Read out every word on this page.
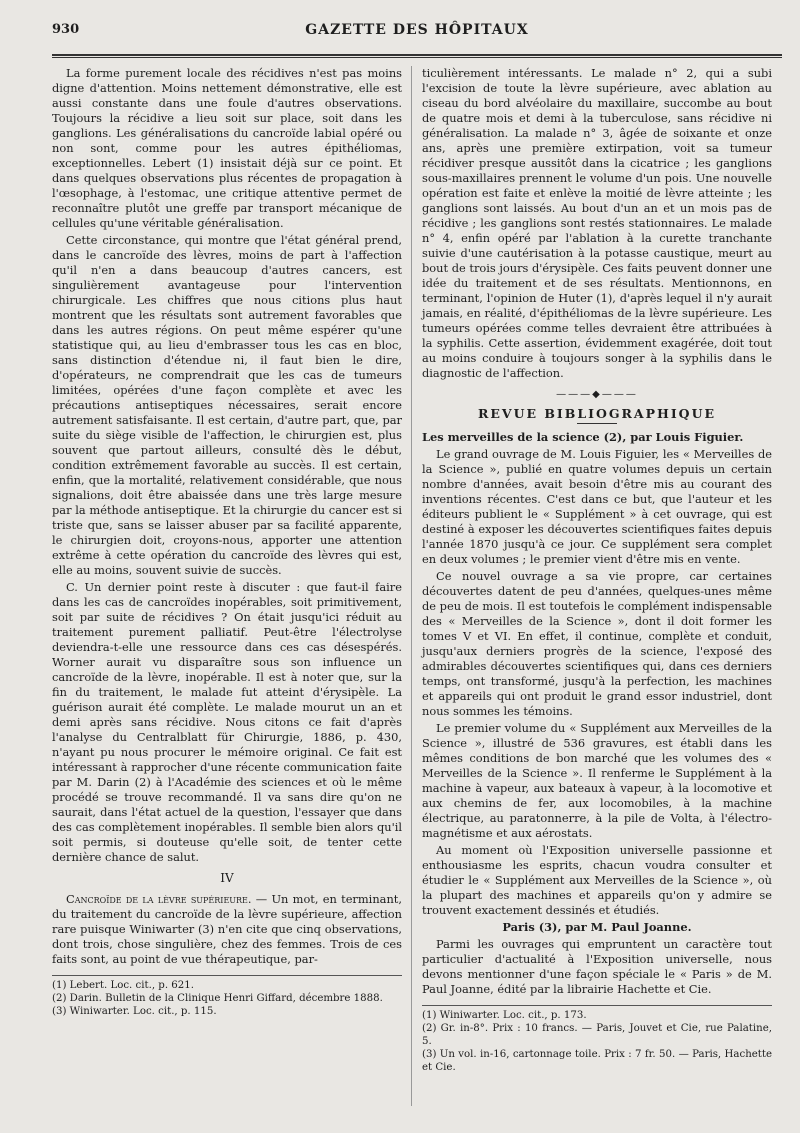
930	GAZETTE DES HÔPITAUX

La forme purement locale des récidives n'est pas moins digne d'attention. Moins nettement démonstrative, elle est aussi constante dans une foule d'autres observations. Toujours la récidive a lieu soit sur place, soit dans les ganglions. Les généralisations du cancroïde labial opéré ou non sont, comme pour les autres épithéliomas, exceptionnelles. Lebert (1) insistait déjà sur ce point. Et dans quelques observations plus récentes de propagation à l'œsophage, à l'estomac, une critique attentive permet de reconnaître plutôt une greffe par transport mécanique de cellules qu'une véritable généralisation.

Cette circonstance, qui montre que l'état général prend, dans le cancroïde des lèvres, moins de part à l'affection qu'il n'en a dans beaucoup d'autres cancers, est singulièrement avantageuse pour l'intervention chirurgicale. Les chiffres que nous citions plus haut montrent que les résultats sont autrement favorables que dans les autres régions. On peut même espérer qu'une statistique qui, au lieu d'embrasser tous les cas en bloc, sans distinction d'étendue ni, il faut bien le dire, d'opérateurs, ne comprendrait que les cas de tumeurs limitées, opérées d'une façon complète et avec les précautions antiseptiques nécessaires, serait encore autrement satisfaisante. Il est certain, d'autre part, que, par suite du siège visible de l'affection, le chirurgien est, plus souvent que partout ailleurs, consulté dès le début, condition extrêmement favorable au succès. Il est certain, enfin, que la mortalité, relativement considérable, que nous signalions, doit être abaissée dans une très large mesure par la méthode antiseptique. Et la chirurgie du cancer est si triste que, sans se laisser abuser par sa facilité apparente, le chirurgien doit, croyons-nous, apporter une attention extrême à cette opération du cancroïde des lèvres qui est, elle au moins, souvent suivie de succès.

C. Un dernier point reste à discuter : que faut-il faire dans les cas de cancroïdes inopérables, soit primitivement, soit par suite de récidives ? On était jusqu'ici réduit au traitement purement palliatif. Peut-être l'électrolyse deviendra-t-elle une ressource dans ces cas désespérés. Worner aurait vu disparaître sous son influence un cancroïde de la lèvre, inopérable. Il est à noter que, sur la fin du traitement, le malade fut atteint d'érysipèle. La guérison aurait été complète. Le malade mourut un an et demi après sans récidive. Nous citons ce fait d'après l'analyse du Centralblatt für Chirurgie, 1886, p. 430, n'ayant pu nous procurer le mémoire original. Ce fait est intéressant à rapprocher d'une récente communication faite par M. Darin (2) à l'Académie des sciences et où le même procédé se trouve recommandé. Il va sans dire qu'on ne saurait, dans l'état actuel de la question, l'essayer que dans des cas complètement inopérables. Il semble bien alors qu'il soit permis, si douteuse qu'elle soit, de tenter cette dernière chance de salut.

IV

Cancroïde de la lèvre supérieure. — Un mot, en terminant, du traitement du cancroïde de la lèvre supérieure, affection rare puisque Winiwarter (3) n'en cite que cinq observations, dont trois, chose singulière, chez des femmes. Trois de ces faits sont, au point de vue thérapeutique, par-

(1) Lebert. Loc. cit., p. 621.
(2) Darin. Bulletin de la Clinique Henri Giffard, décembre 1888.
(3) Winiwarter. Loc. cit., p. 115.

ticulièrement intéressants. Le malade n° 2, qui a subi l'excision de toute la lèvre supérieure, avec ablation au ciseau du bord alvéolaire du maxillaire, succombe au bout de quatre mois et demi à la tuberculose, sans récidive ni généralisation. La malade n° 3, âgée de soixante et onze ans, après une première extirpation, voit sa tumeur récidiver presque aussitôt dans la cicatrice ; les ganglions sous-maxillaires prennent le volume d'un pois. Une nouvelle opération est faite et enlève la moitié de lèvre atteinte ; les ganglions sont laissés. Au bout d'un an et un mois pas de récidive ; les ganglions sont restés stationnaires. Le malade n° 4, enfin opéré par l'ablation à la curette tranchante suivie d'une cautérisation à la potasse caustique, meurt au bout de trois jours d'érysipèle. Ces faits peuvent donner une idée du traitement et de ses résultats. Mentionnons, en terminant, l'opinion de Huter (1), d'après lequel il n'y aurait jamais, en réalité, d'épithéliomas de la lèvre supérieure. Les tumeurs opérées comme telles devraient être attribuées à la syphilis. Cette assertion, évidemment exagérée, doit tout au moins conduire à toujours songer à la syphilis dans le diagnostic de l'affection.

———◆———
REVUE BIBLIOGRAPHIQUE

Les merveilles de la science (2), par Louis Figuier.

Le grand ouvrage de M. Louis Figuier, les « Merveilles de la Science », publié en quatre volumes depuis un certain nombre d'années, avait besoin d'être mis au courant des inventions récentes. C'est dans ce but, que l'auteur et les éditeurs publient le « Supplément » à cet ouvrage, qui est destiné à exposer les découvertes scientifiques faites depuis l'année 1870 jusqu'à ce jour. Ce supplément sera complet en deux volumes ; le premier vient d'être mis en vente.

Ce nouvel ouvrage a sa vie propre, car certaines découvertes datent de peu d'années, quelques-unes même de peu de mois. Il est toutefois le complément indispensable des « Merveilles de la Science », dont il doit former les tomes V et VI. En effet, il continue, complète et conduit, jusqu'aux derniers progrès de la science, l'exposé des admirables découvertes scientifiques qui, dans ces derniers temps, ont transformé, jusqu'à la perfection, les machines et appareils qui ont produit le grand essor industriel, dont nous sommes les témoins.

Le premier volume du « Supplément aux Merveilles de la Science », illustré de 536 gravures, est établi dans les mêmes conditions de bon marché que les volumes des « Merveilles de la Science ». Il renferme le Supplément à la machine à vapeur, aux bateaux à vapeur, à la locomotive et aux chemins de fer, aux locomobiles, à la machine électrique, au paratonnerre, à la pile de Volta, à l'électro-magnétisme et aux aérostats.

Au moment où l'Exposition universelle passionne et enthousiasme les esprits, chacun voudra consulter et étudier le « Supplément aux Merveilles de la Science », où la plupart des machines et appareils qu'on y admire se trouvent exactement dessinés et étudiés.

Paris (3), par M. Paul Joanne.

Parmi les ouvrages qui empruntent un caractère tout particulier d'actualité à l'Exposition universelle, nous devons mentionner d'une façon spéciale le « Paris » de M. Paul Joanne, édité par la librairie Hachette et Cie.

(1) Winiwarter. Loc. cit., p. 173.
(2) Gr. in-8°. Prix : 10 francs. — Paris, Jouvet et Cie, rue Palatine, 5.
(3) Un vol. in-16, cartonnage toile. Prix : 7 fr. 50. — Paris, Hachette et Cie.
